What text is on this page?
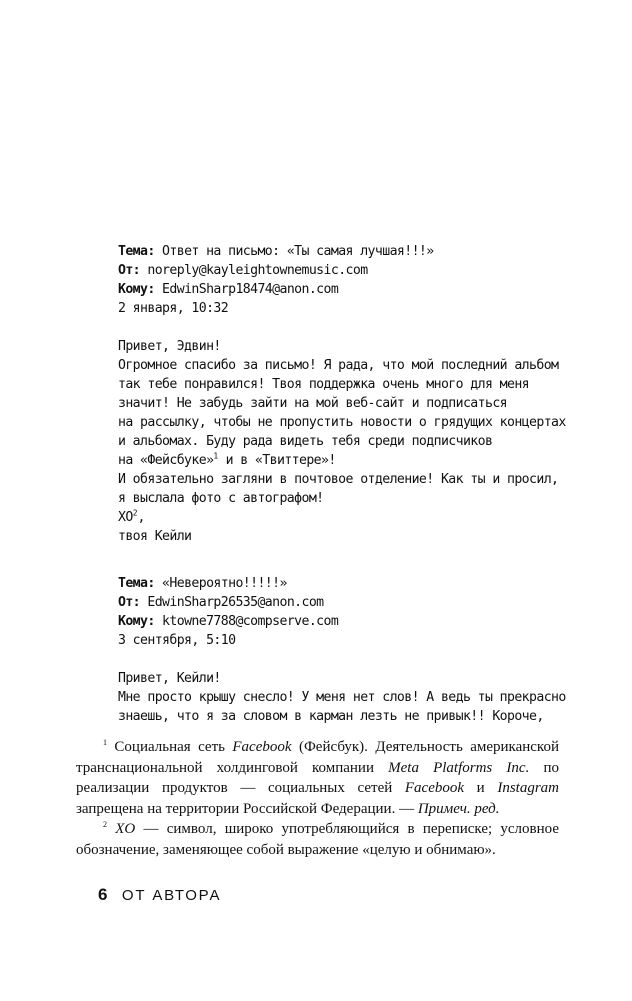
Тема: Ответ на письмо: «Ты самая лучшая!!!»
От: noreply@kayleightownemusic.com
Кому: EdwinSharp18474@anon.com
2 января, 10:32
Привет, Эдвин!
Огромное спасибо за письмо! Я рада, что мой последний альбом
так тебе понравился! Твоя поддержка очень много для меня
значит! Не забудь зайти на мой веб-сайт и подписаться
на рассылку, чтобы не пропустить новости о грядущих концертах
и альбомах. Буду рада видеть тебя среди подписчиков
на «Фейсбуке»$^1$ и в «Твиттере»!
И обязательно загляни в почтовое отделение! Как ты и просил,
я выслала фото с автографом!
XO$^2$,
твоя Кейли
Тема: «Невероятно!!!!!»
От: EdwinSharp26535@anon.com
Кому: ktowne7788@compserve.com
3 сентября, 5:10
Привет, Кейли!
Мне просто крышу снесло! У меня нет слов! А ведь ты прекрасно
знаешь, что я за словом в карман лезть не привык!! Короче,

$^1$ Социальная сеть Facebook (Фейсбук). Деятельность американской транснациональной холдинговой компании Meta Platforms Inc. по реализации продуктов — социальных сетей Facebook и Instagram запрещена на территории Российской Федерации. — Примеч. ред.

$^2$ XO — символ, широко употребляющийся в переписке; условное обозначение, заменяющее собой выражение «целую и обнимаю».

6 ОТ АВТОРА
